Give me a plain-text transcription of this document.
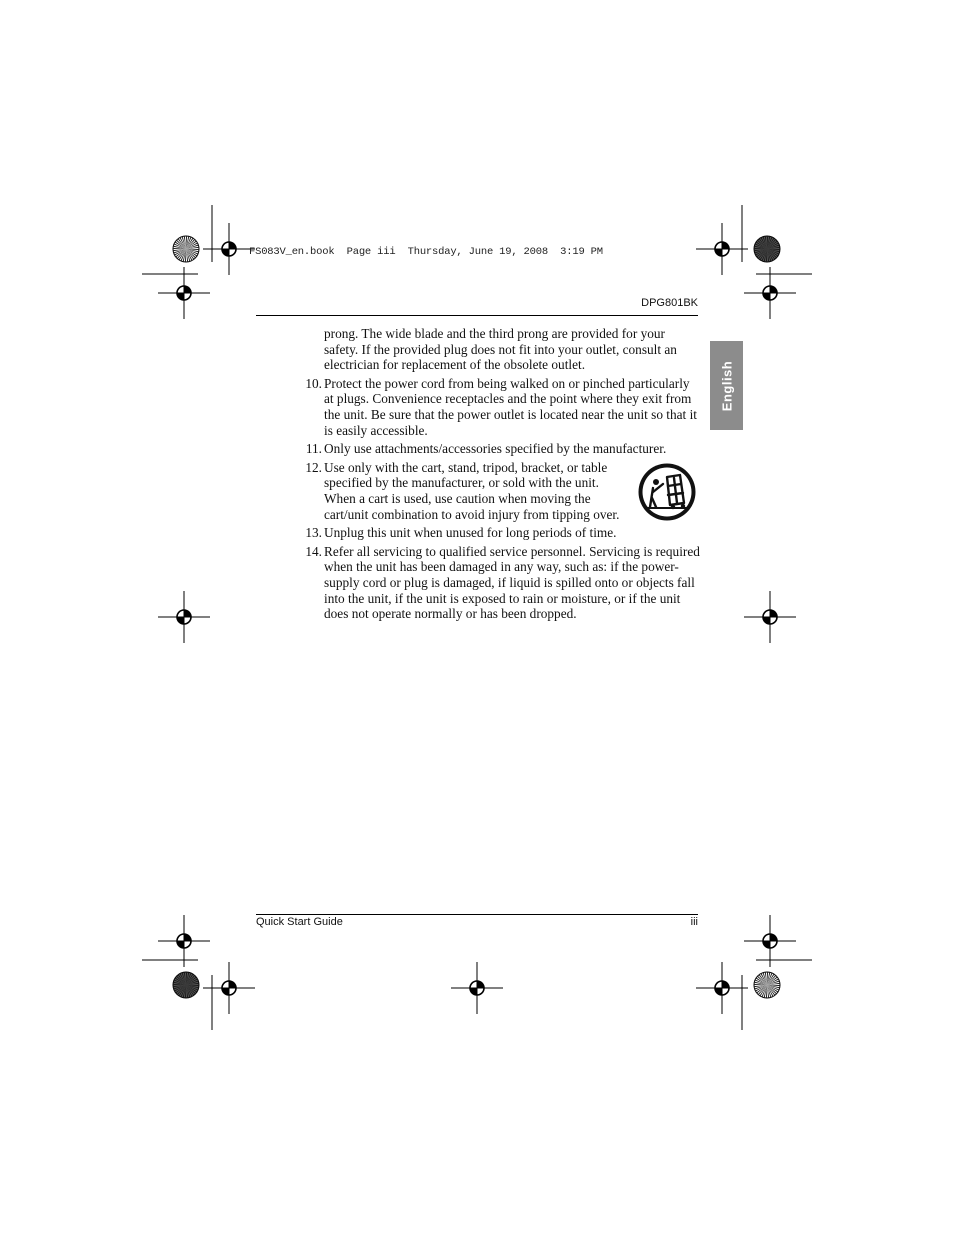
FS083V_en.book  Page iii  Thursday, June 19, 2008  3:19 PM
DPG801BK
English
prong. The wide blade and the third prong are provided for your safety. If the provided plug does not fit into your outlet, consult an electrician for replacement of the obsolete outlet.
10. Protect the power cord from being walked on or pinched particularly at plugs. Convenience receptacles and the point where they exit from the unit. Be sure that the power outlet is located near the unit so that it is easily accessible.
11. Only use attachments/accessories specified by the manufacturer.
12. Use only with the cart, stand, tripod, bracket, or table specified by the manufacturer, or sold with the unit. When a cart is used, use caution when moving the cart/unit combination to avoid injury from tipping over.
13. Unplug this unit when unused for long periods of time.
14. Refer all servicing to qualified service personnel. Servicing is required when the unit has been damaged in any way, such as: if the power-supply cord or plug is damaged, if liquid is spilled onto or objects fall into the unit, if the unit is exposed to rain or moisture, or if the unit does not operate normally or has been dropped.
Quick Start Guide	iii
